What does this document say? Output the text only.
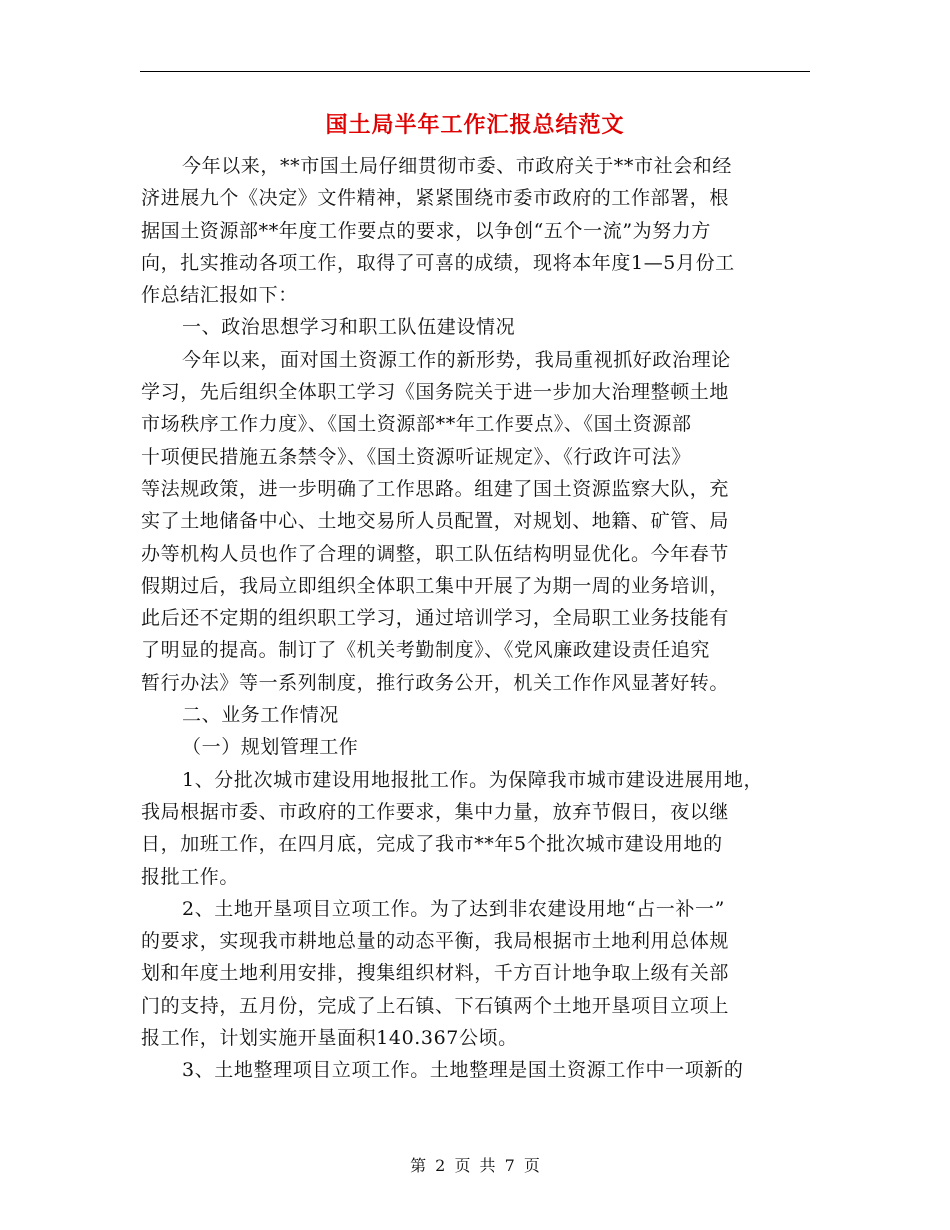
国土局半年工作汇报总结范文
今年以来，**市国土局仔细贯彻市委、市政府关于**市社会和经
济进展九个《决定》文件精神，紧紧围绕市委市政府的工作部署，根
据国土资源部**年度工作要点的要求，以争创“五个一流”为努力方
向，扎实推动各项工作，取得了可喜的成绩，现将本年度1—5月份工
作总结汇报如下：
一、政治思想学习和职工队伍建设情况
今年以来，面对国土资源工作的新形势，我局重视抓好政治理论
学习，先后组织全体职工学习《国务院关于进一步加大治理整顿土地
市场秩序工作力度》、《国土资源部**年工作要点》、《国土资源部
十项便民措施五条禁令》、《国土资源听证规定》、《行政许可法》
等法规政策，进一步明确了工作思路。组建了国土资源监察大队，充
实了土地储备中心、土地交易所人员配置，对规划、地籍、矿管、局
办等机构人员也作了合理的调整，职工队伍结构明显优化。今年春节
假期过后，我局立即组织全体职工集中开展了为期一周的业务培训，
此后还不定期的组织职工学习，通过培训学习，全局职工业务技能有
了明显的提高。制订了《机关考勤制度》、《党风廉政建设责任追究
暂行办法》等一系列制度，推行政务公开，机关工作作风显著好转。
二、业务工作情况
（一）规划管理工作
1、分批次城市建设用地报批工作。为保障我市城市建设进展用地，
我局根据市委、市政府的工作要求，集中力量，放弃节假日，夜以继
日，加班工作，在四月底，完成了我市**年5个批次城市建设用地的
报批工作。
2、土地开垦项目立项工作。为了达到非农建设用地“占一补一”
的要求，实现我市耕地总量的动态平衡，我局根据市土地利用总体规
划和年度土地利用安排，搜集组织材料，千方百计地争取上级有关部
门的支持，五月份，完成了上石镇、下石镇两个土地开垦项目立项上
报工作，计划实施开垦面积140.367公顷。
3、土地整理项目立项工作。土地整理是国土资源工作中一项新的
第 2 页 共 7 页
